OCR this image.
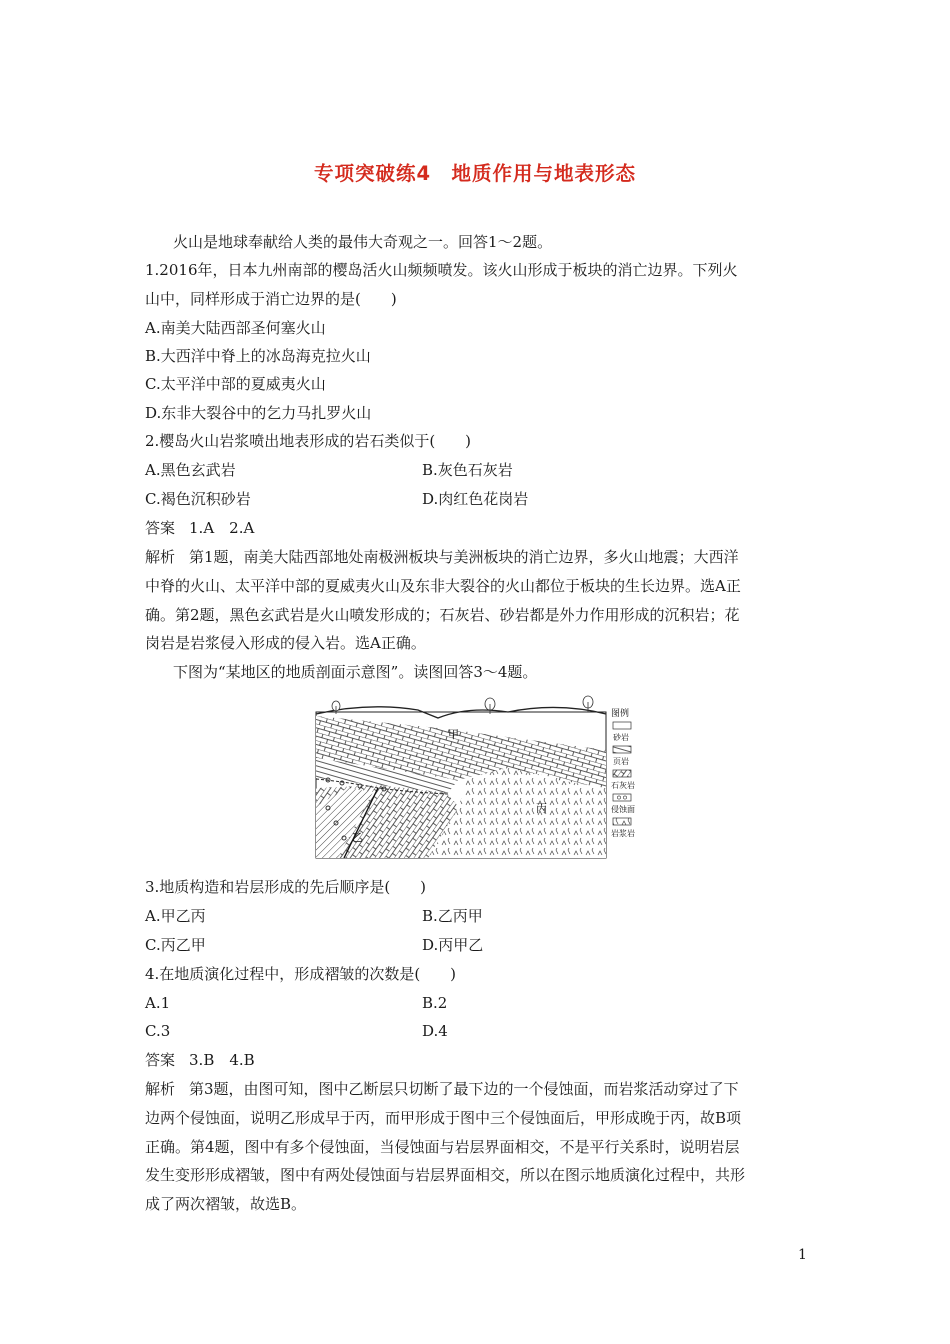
专项突破练4　地质作用与地表形态
火山是地球奉献给人类的最伟大奇观之一。回答1～2题。
1.2016年，日本九州南部的樱岛活火山频频喷发。该火山形成于板块的消亡边界。下列火
山中，同样形成于消亡边界的是(　　)
A.南美大陆西部圣何塞火山
B.大西洋中脊上的冰岛海克拉火山
C.太平洋中部的夏威夷火山
D.东非大裂谷中的乞力马扎罗火山
2.樱岛火山岩浆喷出地表形成的岩石类似于(　　)
A.黑色玄武岩	B.灰色石灰岩
C.褐色沉积砂岩	D.肉红色花岗岩
答案 1.A　2.A
解析 第1题，南美大陆西部地处南极洲板块与美洲板块的消亡边界，多火山地震；大西洋
中脊的火山、太平洋中部的夏威夷火山及东非大裂谷的火山都位于板块的生长边界。选A正
确。第2题，黑色玄武岩是火山喷发形成的；石灰岩、砂岩都是外力作用形成的沉积岩；花
岗岩是岩浆侵入形成的侵入岩。选A正确。
下图为“某地区的地质剖面示意图”。读图回答3～4题。
甲
乙
丙
图例
砂岩
页岩
石灰岩
侵蚀面
岩浆岩
3.地质构造和岩层形成的先后顺序是(　　)
A.甲乙丙	B.乙丙甲
C.丙乙甲	D.丙甲乙
4.在地质演化过程中，形成褶皱的次数是(　　)
A.1	B.2
C.3	D.4
答案 3.B　4.B
解析 第3题，由图可知，图中乙断层只切断了最下边的一个侵蚀面，而岩浆活动穿过了下
边两个侵蚀面，说明乙形成早于丙，而甲形成于图中三个侵蚀面后，甲形成晚于丙，故B项
正确。第4题，图中有多个侵蚀面，当侵蚀面与岩层界面相交，不是平行关系时，说明岩层
发生变形形成褶皱，图中有两处侵蚀面与岩层界面相交，所以在图示地质演化过程中，共形
成了两次褶皱，故选B。
1
